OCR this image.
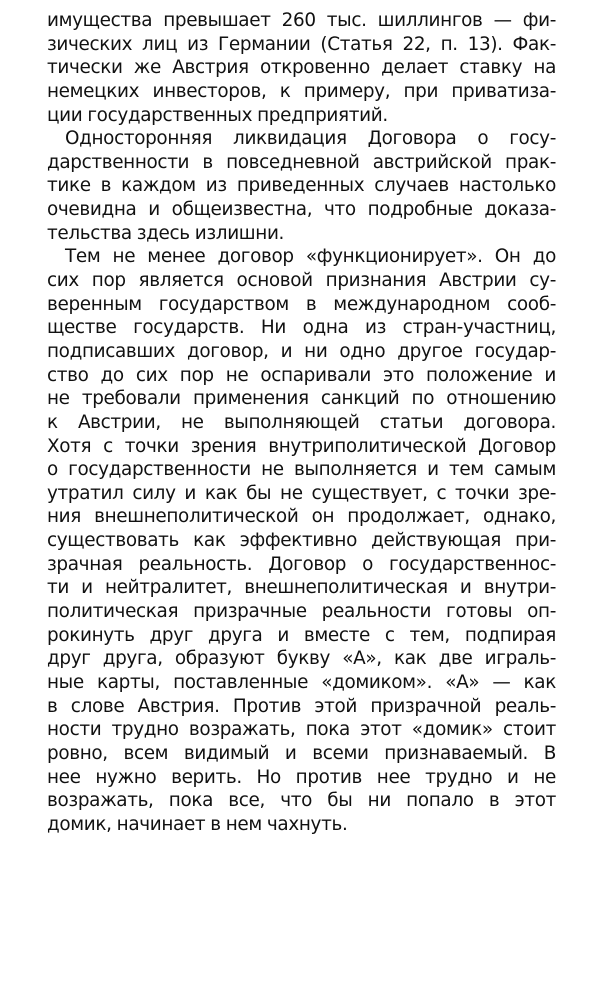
имущества превышает 260 тыс. шиллингов — фи-
зических лиц из Германии (Статья 22, п. 13). Фак-
тически же Австрия откровенно делает ставку на
немецких инвесторов, к примеру, при приватиза-
ции государственных предприятий.
Односторонняя ликвидация Договора о госу-
дарственности в повседневной австрийской прак-
тике в каждом из приведенных случаев настолько
очевидна и общеизвестна, что подробные доказа-
тельства здесь излишни.
Тем не менее договор «функционирует». Он до
сих пор является основой признания Австрии су-
веренным государством в международном сооб-
ществе государств. Ни одна из стран-участниц,
подписавших договор, и ни одно другое государ-
ство до сих пор не оспаривали это положение и
не требовали применения санкций по отношению
к Австрии, не выполняющей статьи договора.
Хотя с точки зрения внутриполитической Договор
о государственности не выполняется и тем самым
утратил силу и как бы не существует, с точки зре-
ния внешнеполитической он продолжает, однако,
существовать как эффективно действующая при-
зрачная реальность. Договор о государственнос-
ти и нейтралитет, внешнеполитическая и внутри-
политическая призрачные реальности готовы оп-
рокинуть друг друга и вместе с тем, подпирая
друг друга, образуют букву «А», как две играль-
ные карты, поставленные «домиком». «А» — как
в слове Австрия. Против этой призрачной реаль-
ности трудно возражать, пока этот «домик» стоит
ровно, всем видимый и всеми признаваемый. В
нее нужно верить. Но против нее трудно и не
возражать, пока все, что бы ни попало в этот
домик, начинает в нем чахнуть.
